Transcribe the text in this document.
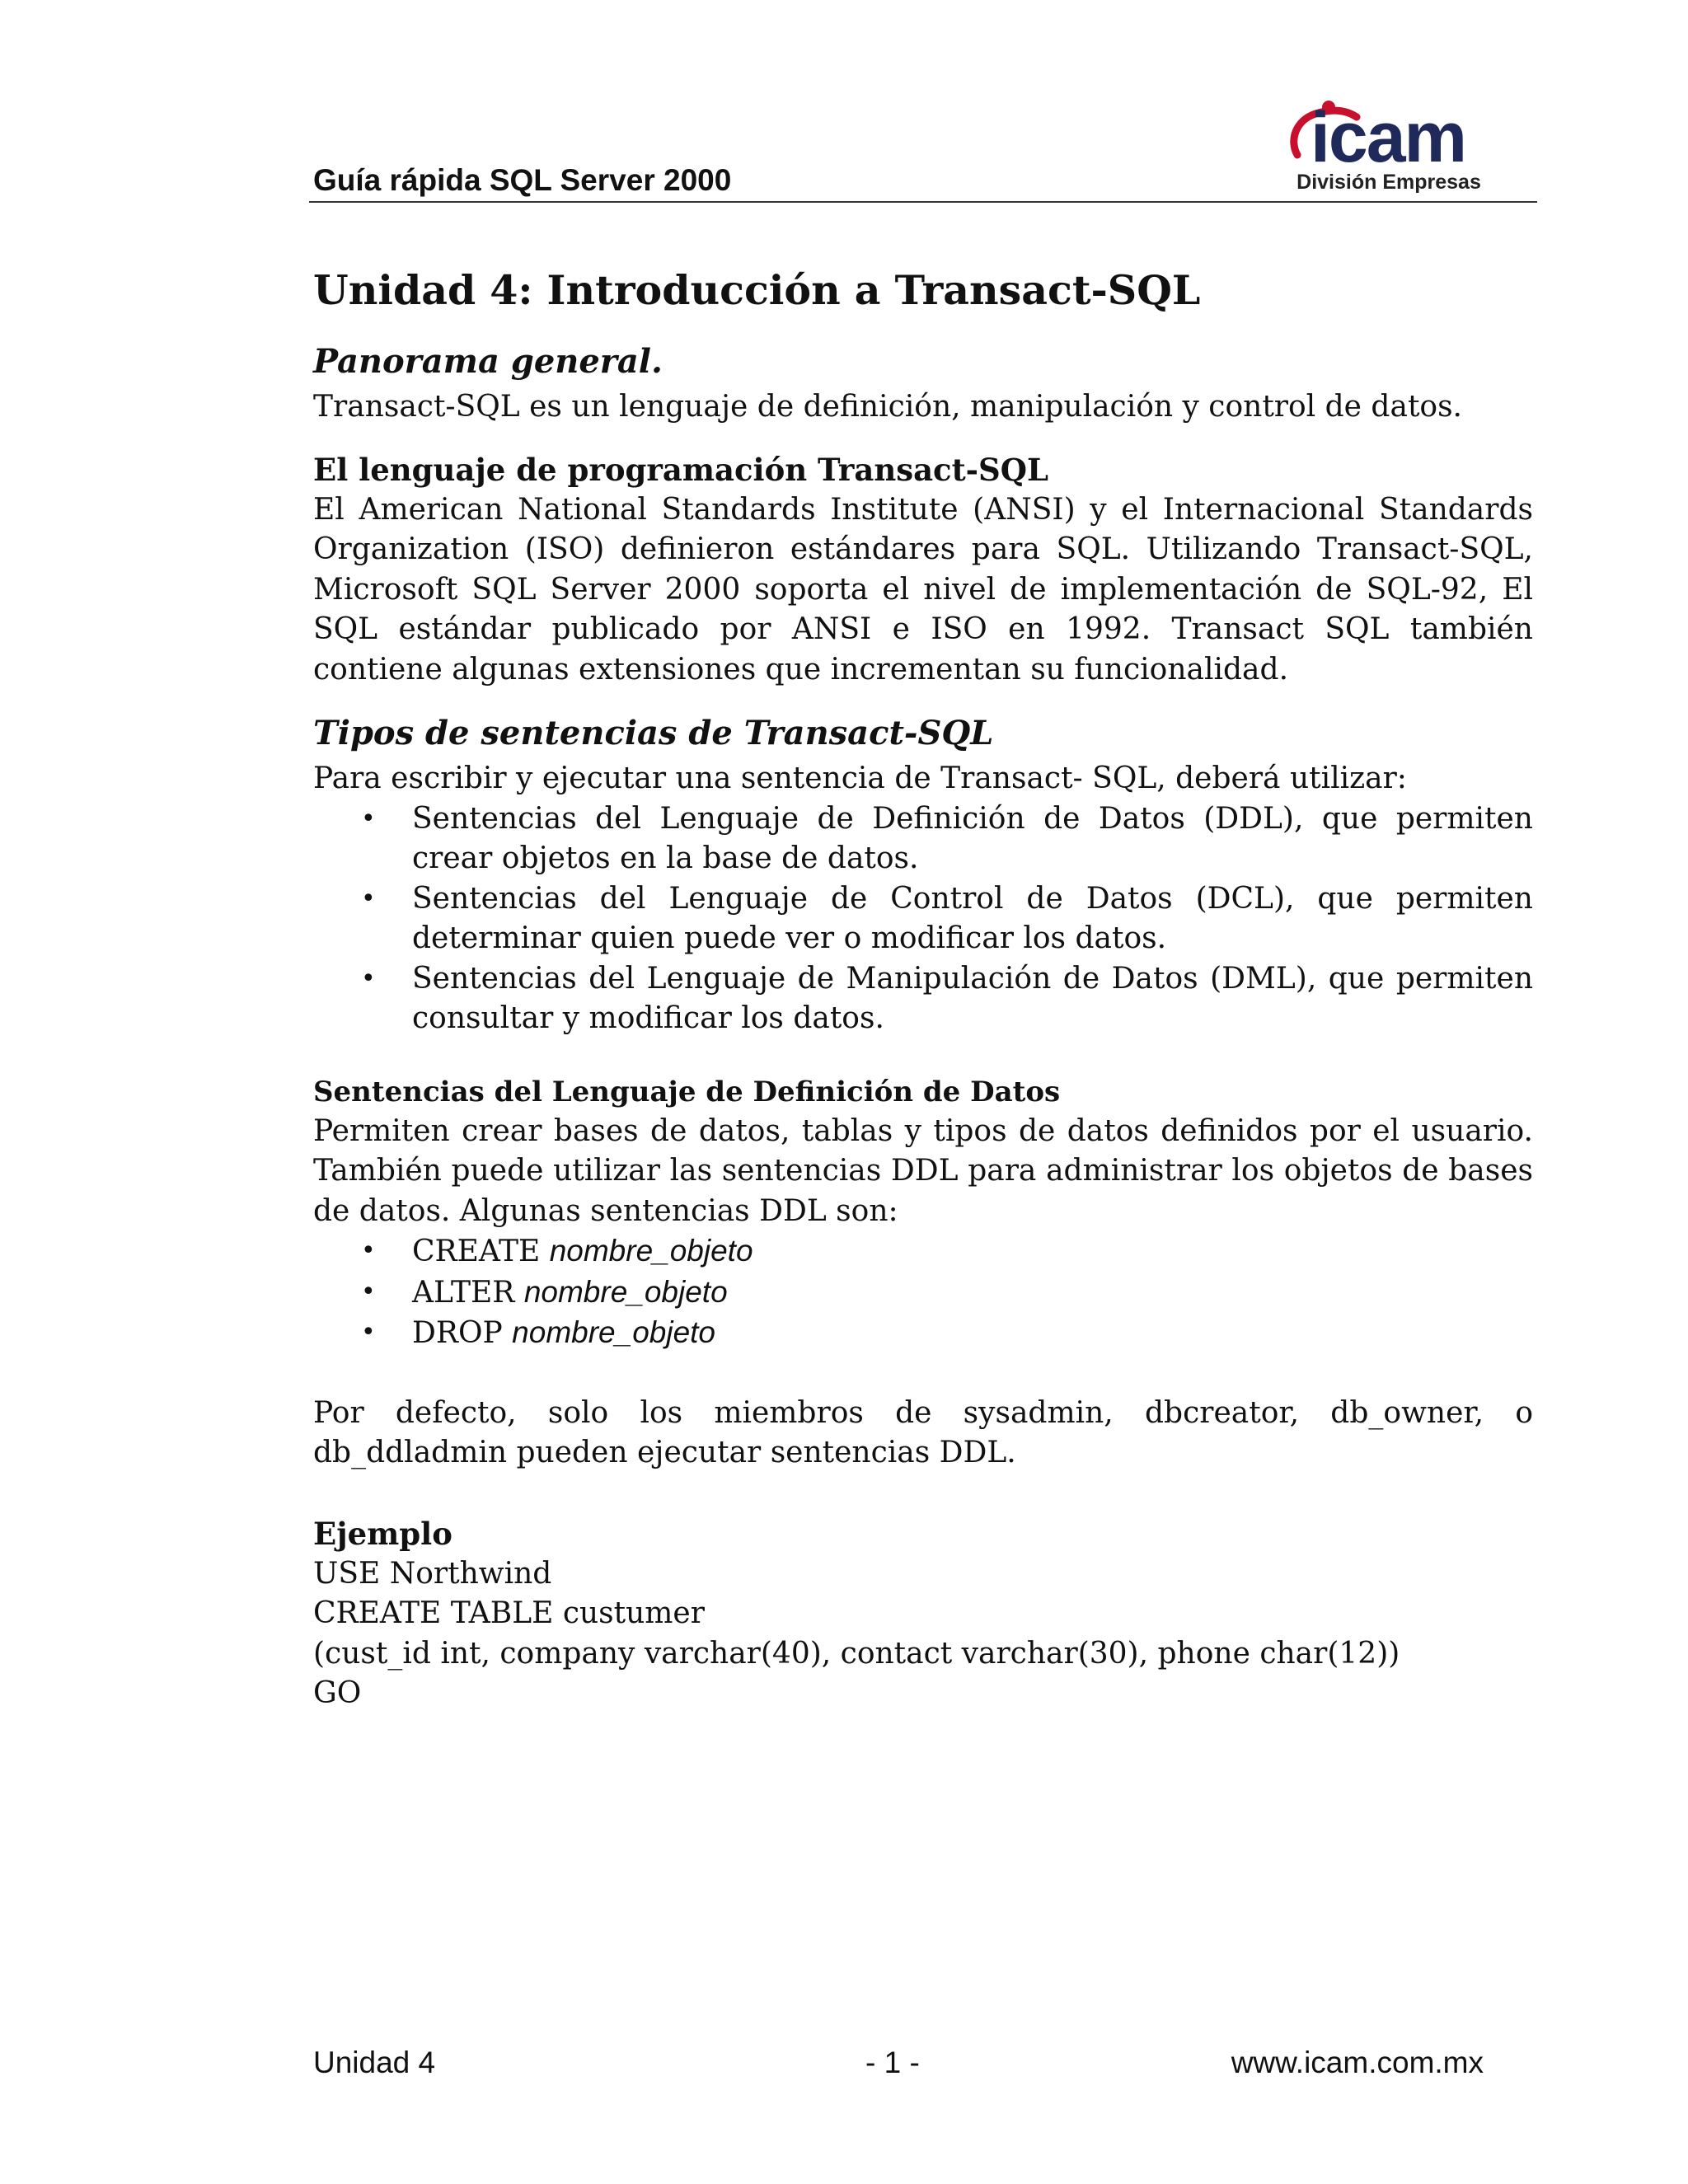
Guía rápida SQL Server 2000
icam
División Empresas
Unidad 4: Introducción a Transact-SQL
Panorama general.

Transact-SQL es un lenguaje de definición, manipulación y control de datos.

El lenguaje de programación Transact-SQL

El American National Standards Institute (ANSI) y el Internacional Standards Organization (ISO) definieron estándares para SQL. Utilizando Transact-SQL, Microsoft SQL Server 2000 soporta el nivel de implementación de SQL-92, El SQL estándar publicado por ANSI e ISO en 1992. Transact SQL también contiene algunas extensiones que incrementan su funcionalidad.

Tipos de sentencias de Transact-SQL

Para escribir y ejecutar una sentencia de Transact- SQL, deberá utilizar:

•	Sentencias del Lenguaje de Definición de Datos (DDL), que permiten crear objetos en la base de datos.
•	Sentencias del Lenguaje de Control de Datos (DCL), que permiten determinar quien puede ver o modificar los datos.
•	Sentencias del Lenguaje de Manipulación de Datos (DML), que permiten consultar y modificar los datos.
Sentencias del Lenguaje de Definición de Datos

Permiten crear bases de datos, tablas y tipos de datos definidos por el usuario. También puede utilizar las sentencias DDL para administrar los objetos de bases de datos. Algunas sentencias DDL son:

•	CREATE nombre_objeto
•	ALTER nombre_objeto
•	DROP nombre_objeto

Por defecto, solo los miembros de sysadmin, dbcreator, db_owner, o db_ddladmin pueden ejecutar sentencias DDL.

Ejemplo

USE Northwind

CREATE TABLE custumer

(cust_id int, company varchar(40), contact varchar(30), phone char(12))

GO

Unidad 4	- 1 -	www.icam.com.mx
